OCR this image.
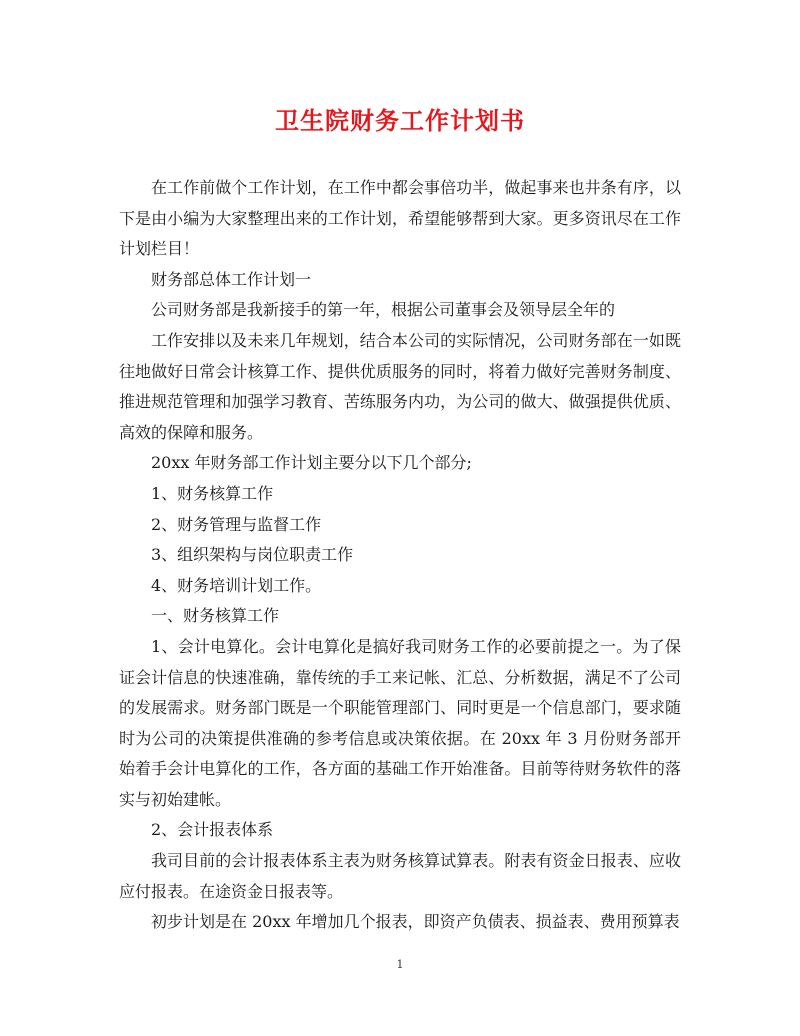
卫生院财务工作计划书

在工作前做个工作计划，在工作中都会事倍功半，做起事来也井条有序，以下是由小编为大家整理出来的工作计划，希望能够帮到大家。更多资讯尽在工作计划栏目！

财务部总体工作计划一

公司财务部是我新接手的第一年，根据公司董事会及领导层全年的

工作安排以及未来几年规划，结合本公司的实际情况，公司财务部在一如既往地做好日常会计核算工作、提供优质服务的同时，将着力做好完善财务制度、推进规范管理和加强学习教育、苦练服务内功，为公司的做大、做强提供优质、高效的保障和服务。

20xx 年财务部工作计划主要分以下几个部分;

1、财务核算工作

2、财务管理与监督工作

3、组织架构与岗位职责工作

4、财务培训计划工作。

一、财务核算工作

1、会计电算化。会计电算化是搞好我司财务工作的必要前提之一。为了保证会计信息的快速准确，靠传统的手工来记帐、汇总、分析数据，满足不了公司的发展需求。财务部门既是一个职能管理部门、同时更是一个信息部门，要求随时为公司的决策提供准确的参考信息或决策依据。在 20xx 年 3 月份财务部开始着手会计电算化的工作，各方面的基础工作开始准备。目前等待财务软件的落实与初始建帐。

2、会计报表体系

我司目前的会计报表体系主表为财务核算试算表。附表有资金日报表、应收应付报表。在途资金日报表等。

初步计划是在 20xx 年增加几个报表，即资产负债表、损益表、费用预算表

1
